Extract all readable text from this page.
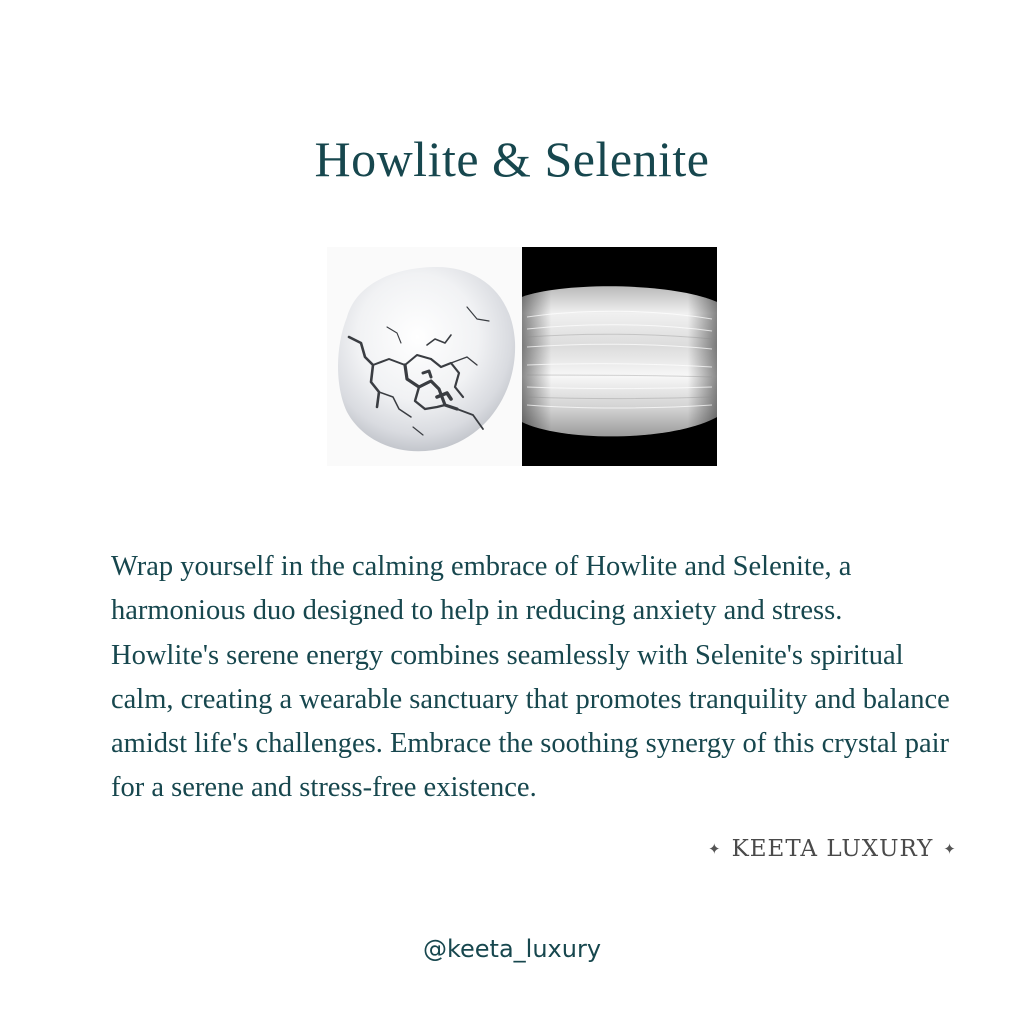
Howlite & Selenite

Wrap yourself in the calming embrace of Howlite and Selenite, a harmonious duo designed to help in reducing anxiety and stress. Howlite's serene energy combines seamlessly with Selenite's spiritual calm, creating a wearable sanctuary that promotes tranquility and balance amidst life's challenges. Embrace the soothing synergy of this crystal pair for a serene and stress-free existence.

✦ KEETA LUXURY ✦
@keeta_luxury
